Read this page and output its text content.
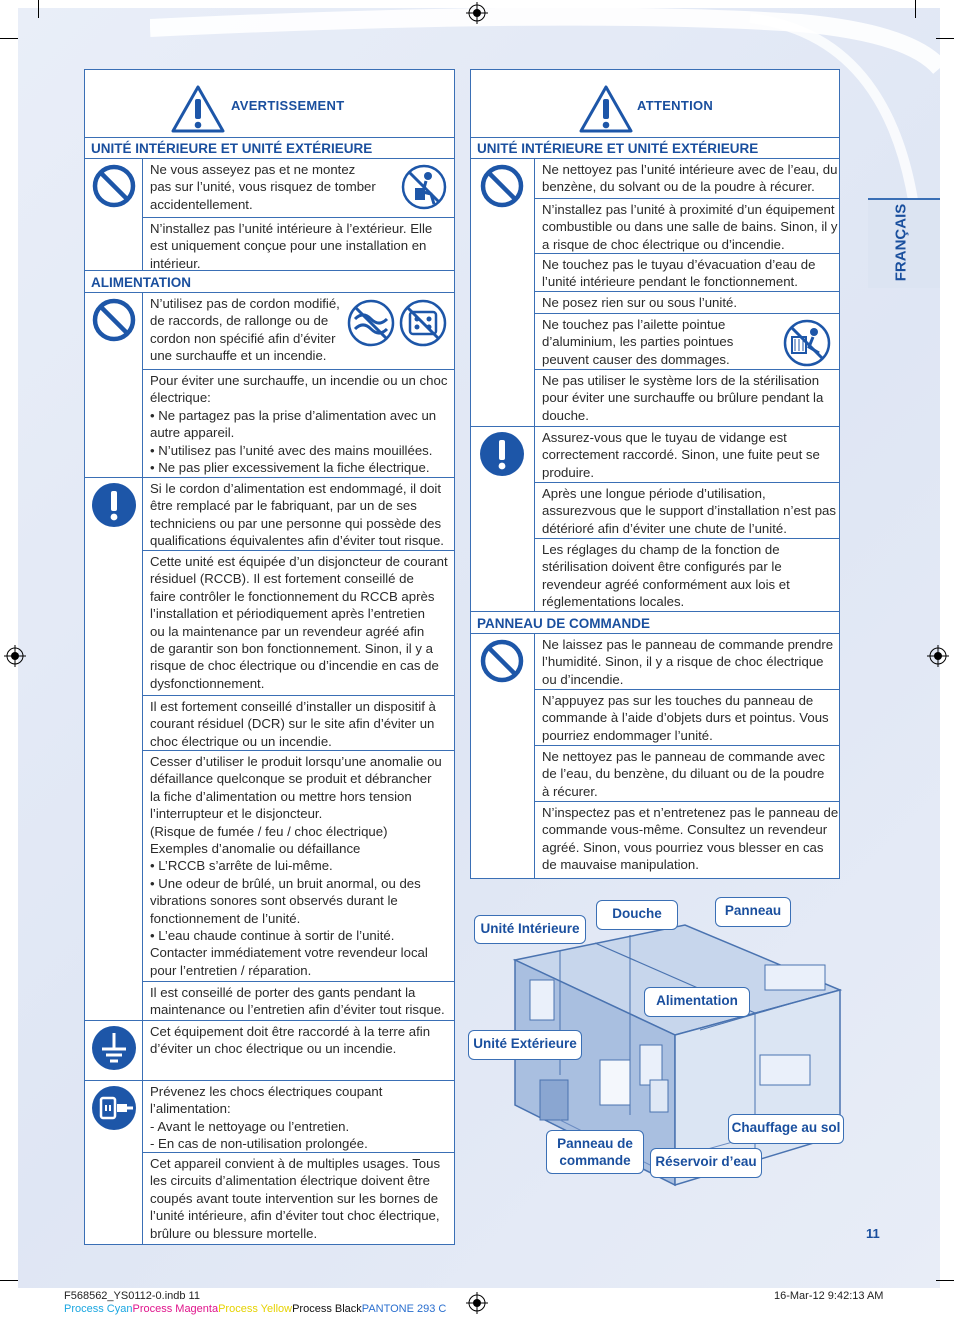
AVERTISSEMENT
UNITÉ INTÉRIEURE ET UNITÉ EXTÉRIEURE
Ne vous asseyez pas et ne montez
pas sur l’unité, vous risquez de tomber
accidentellement.
N’installez pas l’unité intérieure à l’extérieur. Elle
est uniquement conçue pour une installation en
intérieur.
ALIMENTATION
N’utilisez pas de cordon modifié,
de raccords, de rallonge ou de
cordon non spécifié afin d’éviter
une surchauffe et un incendie.
Pour éviter une surchauffe, un incendie ou un choc
électrique:
• Ne partagez pas la prise d’alimentation avec un
autre appareil.
• N’utilisez pas l’unité avec des mains mouillées.
• Ne pas plier excessivement la fiche électrique.
Si le cordon d’alimentation est endommagé, il doit
être remplacé par le fabriquant, par un de ses
techniciens ou par une personne qui possède des
qualifications équivalentes afin d’éviter tout risque.
Cette unité est équipée d’un disjoncteur de courant
résiduel (RCCB). Il est fortement conseillé de
faire contrôler le fonctionnement du RCCB après
l’installation et périodiquement après l’entretien
ou la maintenance par un revendeur agréé afin
de garantir son bon fonctionnement. Sinon, il y a
risque de choc électrique ou d’incendie en cas de
dysfonctionnement.
Il est fortement conseillé d’installer un dispositif à
courant résiduel (DCR) sur le site afin d’éviter un
choc électrique ou un incendie.
Cesser d’utiliser le produit lorsqu’une anomalie ou
défaillance quelconque se produit et débrancher
la fiche d’alimentation ou mettre hors tension
l’interrupteur et le disjoncteur.
(Risque de fumée / feu / choc électrique)
Exemples d’anomalie ou défaillance
• L’RCCB s’arrête de lui-même.
• Une odeur de brûlé, un bruit anormal, ou des
vibrations sonores sont observés durant le
fonctionnement de l’unité.
• L’eau chaude continue à sortir de l’unité.
Contacter immédiatement votre revendeur local
pour l’entretien / réparation.
Il est conseillé de porter des gants pendant la
maintenance ou l’entretien afin d’éviter tout risque.
Cet équipement doit être raccordé à la terre afin
d’éviter un choc électrique ou un incendie.
Prévenez les chocs électriques coupant
l’alimentation:
- Avant le nettoyage ou l’entretien.
- En cas de non-utilisation prolongée.
Cet appareil convient à de multiples usages. Tous
les circuits d’alimentation électrique doivent être
coupés avant toute intervention sur les bornes de
l’unité intérieure, afin d’éviter tout choc électrique,
brûlure ou blessure mortelle.
ATTENTION
UNITÉ INTÉRIEURE ET UNITÉ EXTÉRIEURE
Ne nettoyez pas l’unité intérieure avec de l’eau, du
benzène, du solvant ou de la poudre à récurer.
N’installez pas l’unité à proximité d’un équipement
combustible ou dans une salle de bains. Sinon, il y
a risque de choc électrique ou d’incendie.
Ne touchez pas le tuyau d’évacuation d’eau de
l’unité intérieure pendant le fonctionnement.
Ne posez rien sur ou sous l’unité.
Ne touchez pas l’ailette pointue
d’aluminium, les parties pointues
peuvent causer des dommages.
Ne pas utiliser le système lors de la stérilisation
pour éviter une surchauffe ou brûlure pendant la
douche.
Assurez-vous que le tuyau de vidange est
correctement raccordé. Sinon, une fuite peut se
produire.
Après une longue période d’utilisation,
assurezvous que le support d’installation n’est pas
détérioré afin d’éviter une chute de l’unité.
Les réglages du champ de la fonction de
stérilisation doivent être configurés par le
revendeur agréé conformément aux lois et
réglementations locales.
PANNEAU DE COMMANDE
Ne laissez pas le panneau de commande prendre
l’humidité. Sinon, il y a risque de choc électrique
ou d’incendie.
N’appuyez pas sur les touches du panneau de
commande à l’aide d’objets durs et pointus. Vous
pourriez endommager l’unité.
Ne nettoyez pas le panneau de commande avec
de l’eau, du benzène, du diluant ou de la poudre
à récurer.
N’inspectez pas et n’entretenez pas le panneau de
commande vous-même. Consultez un revendeur
agréé. Sinon, vous pourriez vous blesser en cas
de mauvaise manipulation.
FRANÇAIS
Unité Intérieure
Douche	Panneau
Alimentation
Unité Extérieure
Chauffage au sol
Panneau de commande	Réservoir d’eau
11
F568562_YS0112-0.indb 11	16-Mar-12 9:42:13 AM
Process CyanProcess MagentaProcess YellowProcess BlackPANTONE 293 C
